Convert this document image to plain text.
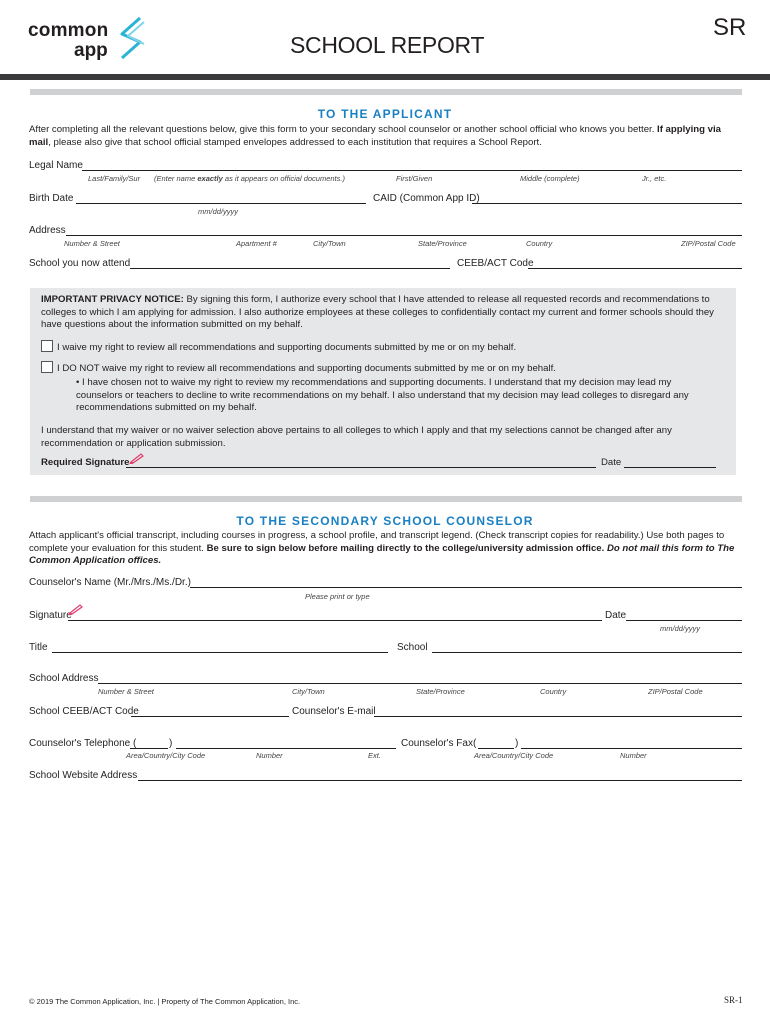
common
app	SCHOOL REPORT
SR
TO THE APPLICANT
After completing all the relevant questions below, give this form to your secondary school counselor or another school official who knows you better. If applying via mail, please also give that school official stamped envelopes addressed to each institution that requires a School Report.
Legal Name
Last/Family/Sur (Enter name exactly as it appears on official documents.)	First/Given	Middle (complete)	Jr., etc.
Birth Date
mm/dd/yyyy
CAID (Common App ID)
Address
Number & Street	Apartment #	City/Town	State/Province	Country	ZIP/Postal Code
School you now attend	CEEB/ACT Code
IMPORTANT PRIVACY NOTICE: By signing this form, I authorize every school that I have attended to release all requested records and recommendations to colleges to which I am applying for admission. I also authorize employees at these colleges to confidentially contact my current and former schools should they have questions about the information submitted on my behalf.
I waive my right to review all recommendations and supporting documents submitted by me or on my behalf.
I DO NOT waive my right to review all recommendations and supporting documents submitted by me or on my behalf.
• I have chosen not to waive my right to review my recommendations and supporting documents. I understand that my decision may lead my counselors or teachers to decline to write recommendations on my behalf. I also understand that my decision may lead colleges to disregard any recommendations submitted on my behalf.
I understand that my waiver or no waiver selection above pertains to all colleges to which I apply and that my selections cannot be changed after any recommendation or application submission.
Required Signature	Date
TO THE SECONDARY SCHOOL COUNSELOR
Attach applicant's official transcript, including courses in progress, a school profile, and transcript legend. (Check transcript copies for readability.) Use both pages to complete your evaluation for this student. Be sure to sign below before mailing directly to the college/university admission office. Do not mail this form to The Common Application offices.
Counselor's Name (Mr./Mrs./Ms./Dr.)
Please print or type
Signature	Date
mm/dd/yyyy
Title	School
School Address
Number & Street	City/Town	State/Province	Country	ZIP/Postal Code
School CEEB/ACT Code	Counselor's E-mail
Counselor's Telephone (	)
Area/Country/City Code	Number	Ext.
Counselor's Fax (	)
Area/Country/City Code	Number
School Website Address
© 2019 The Common Application, Inc. | Property of The Common Application, Inc.	SR-1
